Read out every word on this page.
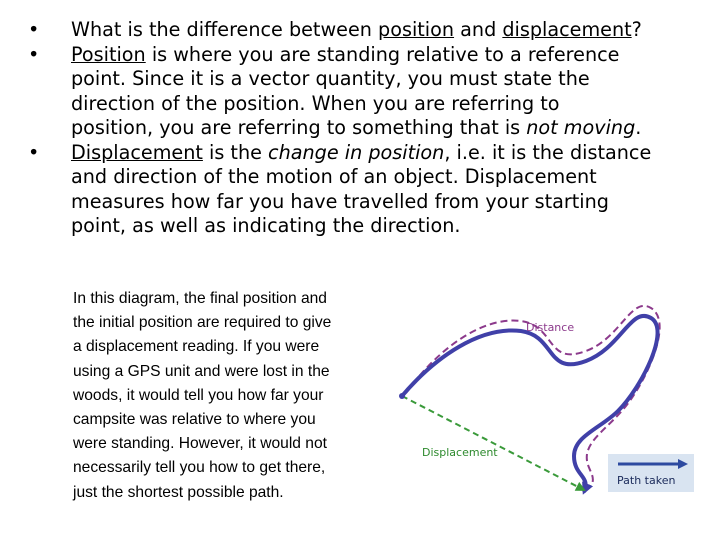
• What is the difference between position and displacement?
• Position is where you are standing relative to a reference
point. Since it is a vector quantity, you must state the
direction of the position. When you are referring to
position, you are referring to something that is not moving.
• Displacement is the change in position, i.e. it is the distance
and direction of the motion of an object. Displacement
measures how far you have travelled from your starting
point, as well as indicating the direction.

In this diagram, the final position and
the initial position are required to give
a displacement reading. If you were
using a GPS unit and were lost in the
woods, it would tell you how far your
campsite was relative to where you
were standing. However, it would not
necessarily tell you how to get there,
just the shortest possible path.

Distance
Displacement
Path taken
